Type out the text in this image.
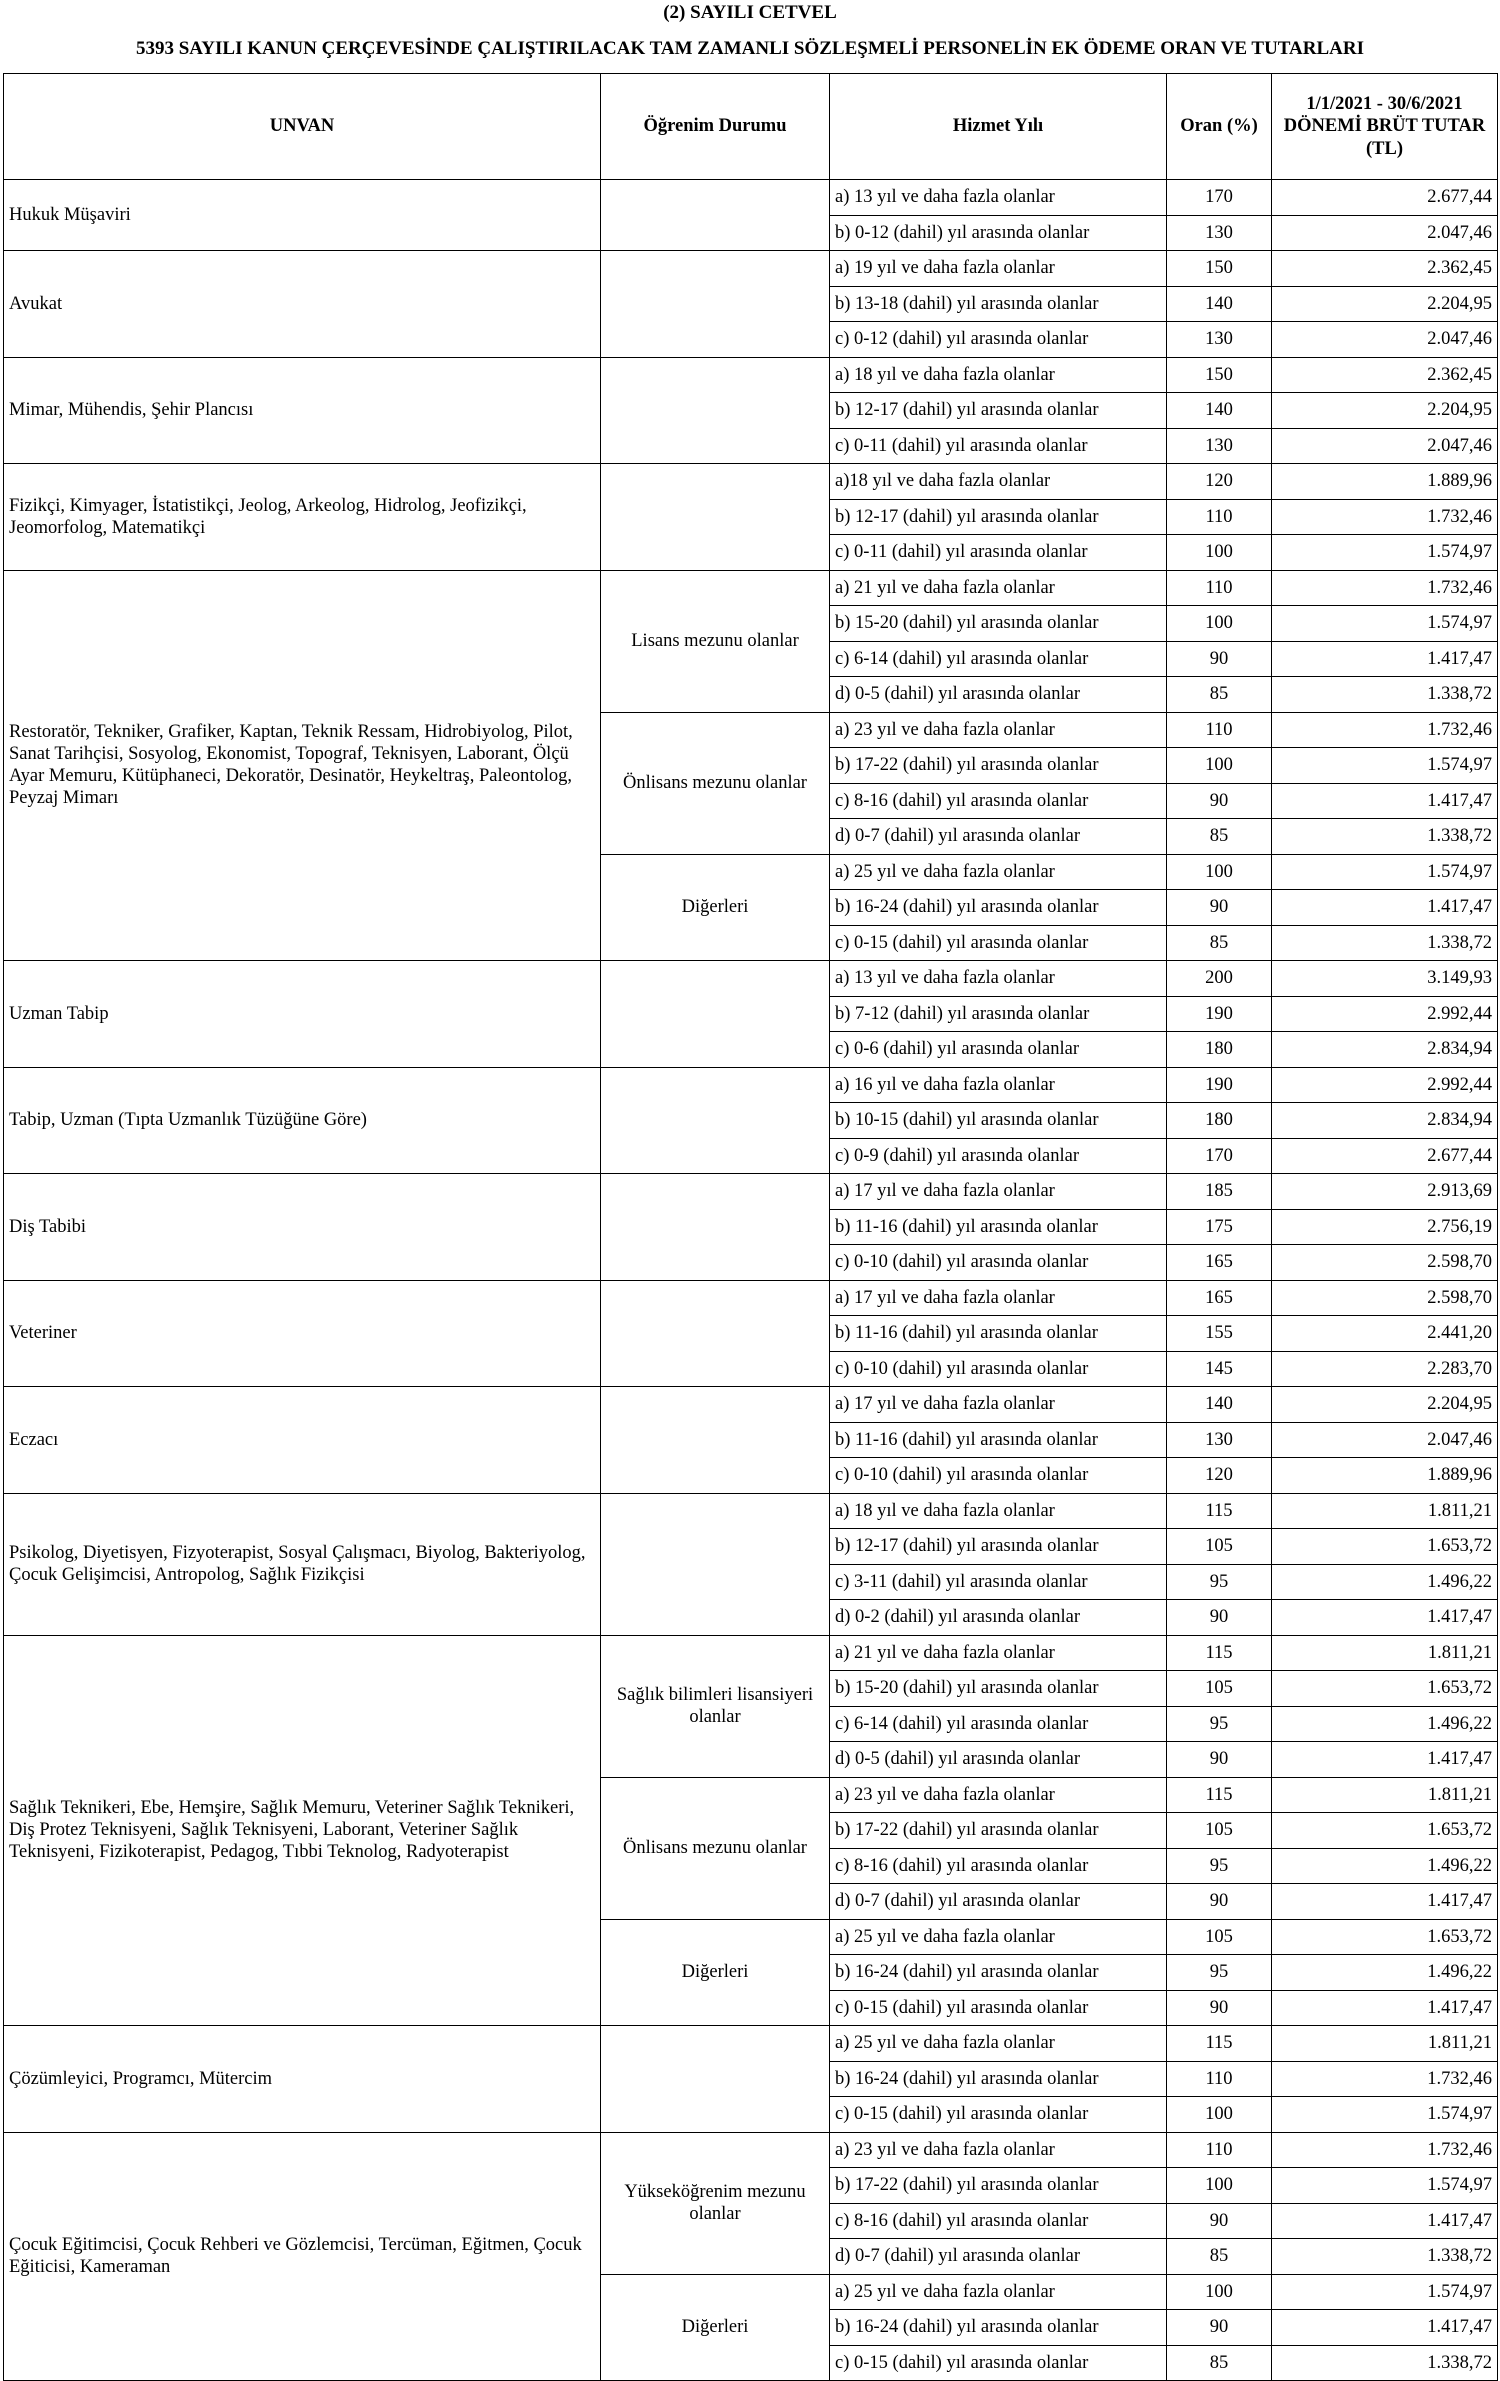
(2) SAYILI CETVEL
5393 SAYILI KANUN ÇERÇEVESİNDE ÇALIŞTIRILACAK TAM ZAMANLI SÖZLEŞMELİ PERSONELİN EK ÖDEME ORAN VE TUTARLARI
UNVAN	Öğrenim Durumu	Hizmet Yılı	Oran (%)	1/1/2021 - 30/6/2021 DÖNEMİ BRÜT TUTAR (TL)
Hukuk Müşaviri		a) 13 yıl ve daha fazla olanlar	170	2.677,44
		b) 0-12 (dahil) yıl arasında olanlar	130	2.047,46
Avukat		a) 19 yıl ve daha fazla olanlar	150	2.362,45
		b) 13-18 (dahil) yıl arasında olanlar	140	2.204,95
		c) 0-12 (dahil) yıl arasında olanlar	130	2.047,46
Mimar, Mühendis, Şehir Plancısı		a) 18 yıl ve daha fazla olanlar	150	2.362,45
		b) 12-17 (dahil) yıl arasında olanlar	140	2.204,95
		c) 0-11 (dahil) yıl arasında olanlar	130	2.047,46
Fizikçi, Kimyager, İstatistikçi, Jeolog, Arkeolog, Hidrolog, Jeofizikçi, Jeomorfolog, Matematikçi		a)18 yıl ve daha fazla olanlar	120	1.889,96
		b) 12-17 (dahil) yıl arasında olanlar	110	1.732,46
		c) 0-11 (dahil) yıl arasında olanlar	100	1.574,97
Restoratör, Tekniker, Grafiker, Kaptan, Teknik Ressam, Hidrobiyolog, Pilot, Sanat Tarihçisi, Sosyolog, Ekonomist, Topograf, Teknisyen, Laborant, Ölçü Ayar Memuru, Kütüphaneci, Dekoratör, Desinatör, Heykeltraş, Paleontolog, Peyzaj Mimarı	Lisans mezunu olanlar	a) 21 yıl ve daha fazla olanlar	110	1.732,46
		b) 15-20 (dahil) yıl arasında olanlar	100	1.574,97
		c) 6-14 (dahil) yıl arasında olanlar	90	1.417,47
		d) 0-5 (dahil) yıl arasında olanlar	85	1.338,72
	Önlisans mezunu olanlar	a) 23 yıl ve daha fazla olanlar	110	1.732,46
		b) 17-22 (dahil) yıl arasında olanlar	100	1.574,97
		c) 8-16 (dahil) yıl arasında olanlar	90	1.417,47
		d) 0-7 (dahil) yıl arasında olanlar	85	1.338,72
	Diğerleri	a) 25 yıl ve daha fazla olanlar	100	1.574,97
		b) 16-24 (dahil) yıl arasında olanlar	90	1.417,47
		c) 0-15 (dahil) yıl arasında olanlar	85	1.338,72
Uzman Tabip		a) 13 yıl ve daha fazla olanlar	200	3.149,93
		b) 7-12 (dahil) yıl arasında olanlar	190	2.992,44
		c) 0-6 (dahil) yıl arasında olanlar	180	2.834,94
Tabip, Uzman (Tıpta Uzmanlık Tüzüğüne Göre)		a) 16 yıl ve daha fazla olanlar	190	2.992,44
		b) 10-15 (dahil) yıl arasında olanlar	180	2.834,94
		c) 0-9 (dahil) yıl arasında olanlar	170	2.677,44
Diş Tabibi		a) 17 yıl ve daha fazla olanlar	185	2.913,69
		b) 11-16 (dahil) yıl arasında olanlar	175	2.756,19
		c) 0-10 (dahil) yıl arasında olanlar	165	2.598,70
Veteriner		a) 17 yıl ve daha fazla olanlar	165	2.598,70
		b) 11-16 (dahil) yıl arasında olanlar	155	2.441,20
		c) 0-10 (dahil) yıl arasında olanlar	145	2.283,70
Eczacı		a) 17 yıl ve daha fazla olanlar	140	2.204,95
		b) 11-16 (dahil) yıl arasında olanlar	130	2.047,46
		c) 0-10 (dahil) yıl arasında olanlar	120	1.889,96
Psikolog, Diyetisyen, Fizyoterapist, Sosyal Çalışmacı, Biyolog, Bakteriyolog, Çocuk Gelişimcisi, Antropolog, Sağlık Fizikçisi		a) 18 yıl ve daha fazla olanlar	115	1.811,21
		b) 12-17 (dahil) yıl arasında olanlar	105	1.653,72
		c) 3-11 (dahil) yıl arasında olanlar	95	1.496,22
		d) 0-2 (dahil) yıl arasında olanlar	90	1.417,47
Sağlık Teknikeri, Ebe, Hemşire, Sağlık Memuru, Veteriner Sağlık Teknikeri, Diş Protez Teknisyeni, Sağlık Teknisyeni, Laborant, Veteriner Sağlık Teknisyeni, Fizikoterapist, Pedagog, Tıbbi Teknolog, Radyoterapist	Sağlık bilimleri lisansiyeri olanlar	a) 21 yıl ve daha fazla olanlar	115	1.811,21
		b) 15-20 (dahil) yıl arasında olanlar	105	1.653,72
		c) 6-14 (dahil) yıl arasında olanlar	95	1.496,22
		d) 0-5 (dahil) yıl arasında olanlar	90	1.417,47
	Önlisans mezunu olanlar	a) 23 yıl ve daha fazla olanlar	115	1.811,21
		b) 17-22 (dahil) yıl arasında olanlar	105	1.653,72
		c) 8-16 (dahil) yıl arasında olanlar	95	1.496,22
		d) 0-7 (dahil) yıl arasında olanlar	90	1.417,47
	Diğerleri	a) 25 yıl ve daha fazla olanlar	105	1.653,72
		b) 16-24 (dahil) yıl arasında olanlar	95	1.496,22
		c) 0-15 (dahil) yıl arasında olanlar	90	1.417,47
Çözümleyici, Programcı, Mütercim		a) 25 yıl ve daha fazla olanlar	115	1.811,21
		b) 16-24 (dahil) yıl arasında olanlar	110	1.732,46
		c) 0-15 (dahil) yıl arasında olanlar	100	1.574,97
Çocuk Eğitimcisi, Çocuk Rehberi ve Gözlemcisi, Tercüman, Eğitmen, Çocuk Eğiticisi, Kameraman	Yükseköğrenim mezunu olanlar	a) 23 yıl ve daha fazla olanlar	110	1.732,46
		b) 17-22 (dahil) yıl arasında olanlar	100	1.574,97
		c) 8-16 (dahil) yıl arasında olanlar	90	1.417,47
		d) 0-7 (dahil) yıl arasında olanlar	85	1.338,72
	Diğerleri	a) 25 yıl ve daha fazla olanlar	100	1.574,97
		b) 16-24 (dahil) yıl arasında olanlar	90	1.417,47
		c) 0-15 (dahil) yıl arasında olanlar	85	1.338,72
